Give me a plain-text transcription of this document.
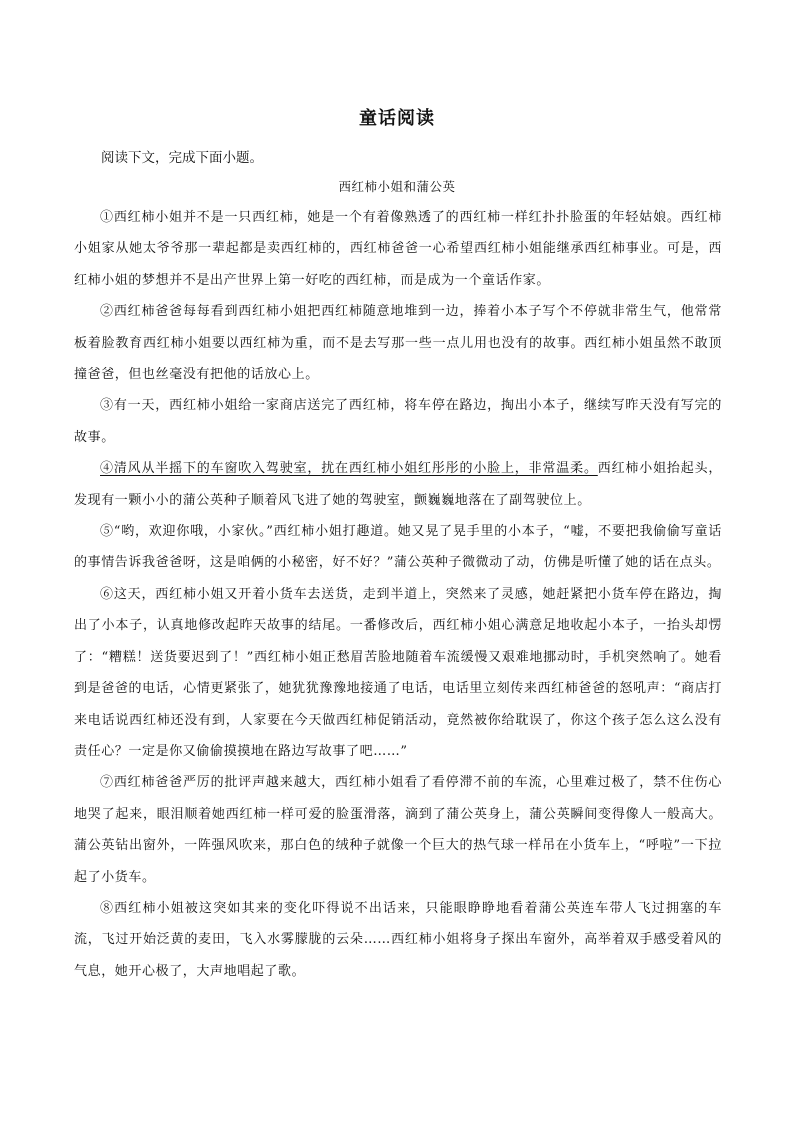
童话阅读
阅读下文，完成下面小题。
西红柿小姐和蒲公英

①西红柿小姐并不是一只西红柿，她是一个有着像熟透了的西红柿一样红扑扑脸蛋的年轻姑娘。西红柿小姐家从她太爷爷那一辈起都是卖西红柿的，西红柿爸爸一心希望西红柿小姐能继承西红柿事业。可是，西红柿小姐的梦想并不是出产世界上第一好吃的西红柿，而是成为一个童话作家。

②西红柿爸爸每每看到西红柿小姐把西红柿随意地堆到一边，捧着小本子写个不停就非常生气，他常常板着脸教育西红柿小姐要以西红柿为重，而不是去写那一些一点儿用也没有的故事。西红柿小姐虽然不敢顶撞爸爸，但也丝毫没有把他的话放心上。

③有一天，西红柿小姐给一家商店送完了西红柿，将车停在路边，掏出小本子，继续写昨天没有写完的故事。

④清风从半摇下的车窗吹入驾驶室，扰在西红柿小姐红彤彤的小脸上，非常温柔。西红柿小姐抬起头，发现有一颗小小的蒲公英种子顺着风飞进了她的驾驶室，颤巍巍地落在了副驾驶位上。

⑤“哟，欢迎你哦，小家伙。”西红柿小姐打趣道。她又晃了晃手里的小本子，“嘘，不要把我偷偷写童话的事情告诉我爸爸呀，这是咱俩的小秘密，好不好？”蒲公英种子微微动了动，仿佛是听懂了她的话在点头。

⑥这天，西红柿小姐又开着小货车去送货，走到半道上，突然来了灵感，她赶紧把小货车停在路边，掏出了小本子，认真地修改起昨天故事的结尾。一番修改后，西红柿小姐心满意足地收起小本子，一抬头却愣了：“糟糕！送货要迟到了！”西红柿小姐正愁眉苦脸地随着车流缓慢又艰难地挪动时，手机突然响了。她看到是爸爸的电话，心情更紧张了，她犹犹豫豫地接通了电话，电话里立刻传来西红柿爸爸的怒吼声：“商店打来电话说西红柿还没有到，人家要在今天做西红柿促销活动，竟然被你给耽误了，你这个孩子怎么这么没有责任心？一定是你又偷偷摸摸地在路边写故事了吧……”

⑦西红柿爸爸严厉的批评声越来越大，西红柿小姐看了看停滞不前的车流，心里难过极了，禁不住伤心地哭了起来，眼泪顺着她西红柿一样可爱的脸蛋滑落，滴到了蒲公英身上，蒲公英瞬间变得像人一般高大。蒲公英钻出窗外，一阵强风吹来，那白色的绒种子就像一个巨大的热气球一样吊在小货车上，“呼啦”一下拉起了小货车。

⑧西红柿小姐被这突如其来的变化吓得说不出话来，只能眼睁睁地看着蒲公英连车带人飞过拥塞的车流，飞过开始泛黄的麦田，飞入水雾朦胧的云朵……西红柿小姐将身子探出车窗外，高举着双手感受着风的气息，她开心极了，大声地唱起了歌。
